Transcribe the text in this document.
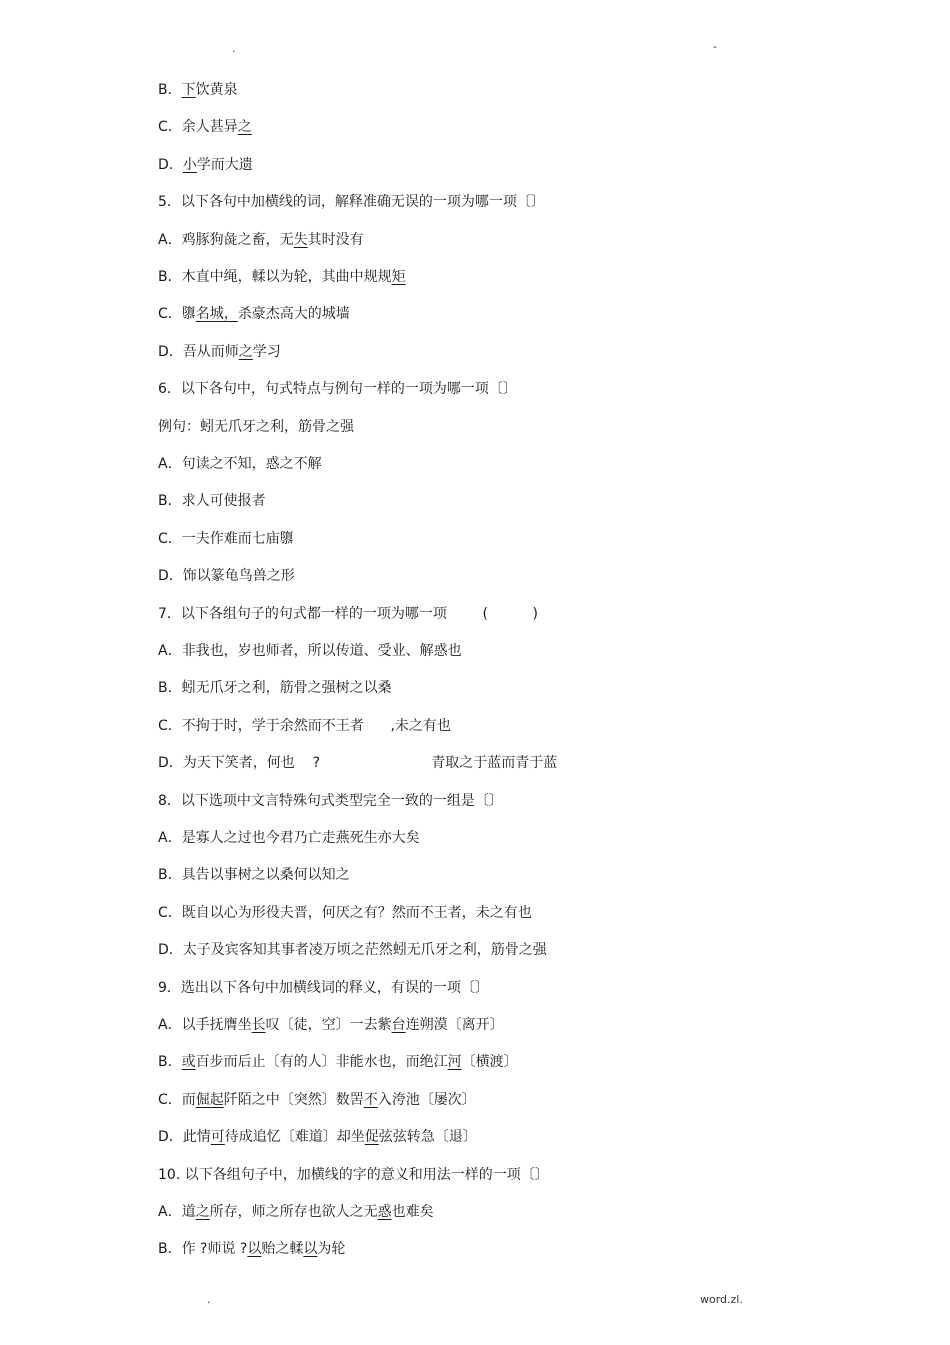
.	-
B．下饮黄泉
C．余人甚异之
D．小学而大遗
5．以下各句中加横线的词，解释准确无误的一项为哪一项〔〕
A．鸡豚狗彘之畜，无失其时没有
B．木直中绳，輮以为轮，其曲中规规矩
C．隳名城，杀豪杰高大的城墙
D．吾从而师之学习
6．以下各句中，句式特点与例句一样的一项为哪一项〔〕
例句：蚓无爪牙之利，筋骨之强
A．句读之不知，惑之不解
B．求人可使报者
C．一夫作难而七庙隳
D．饰以篆龟鸟兽之形
7．以下各组句子的句式都一样的一项为哪一项        (          )
A．非我也，岁也师者，所以传道、受业、解惑也
B．蚓无爪牙之利，筋骨之强树之以桑
C．不拘于时，学于余然而不王者      ,未之有也
D．为天下笑者，何也    ?                         青取之于蓝而青于蓝
8．以下选项中文言特殊句式类型完全一致的一组是〔〕
A．是寡人之过也今君乃亡走燕死生亦大矣
B．具告以事树之以桑何以知之
C．既自以心为形役夫晋，何厌之有？然而不王者，未之有也
D．太子及宾客知其事者凌万顷之茫然蚓无爪牙之利，筋骨之强
9．选出以下各句中加横线词的释义，有误的一项〔〕
A．以手抚膺坐长叹〔徒，空〕一去紫台连朔漠〔离开〕
B．或百步而后止〔有的人〕非能水也，而绝江河〔横渡〕
C．而倔起阡陌之中〔突然〕数罟不入洿池〔屡次〕
D．此情可待成追忆〔难道〕却坐促弦弦转急〔退〕
10. 以下各组句子中，加横线的字的意义和用法一样的一项〔〕
A．道之所存，师之所存也欲人之无惑也难矣
B．作 ?师说 ?以贻之輮以为轮
.	word.zl.
